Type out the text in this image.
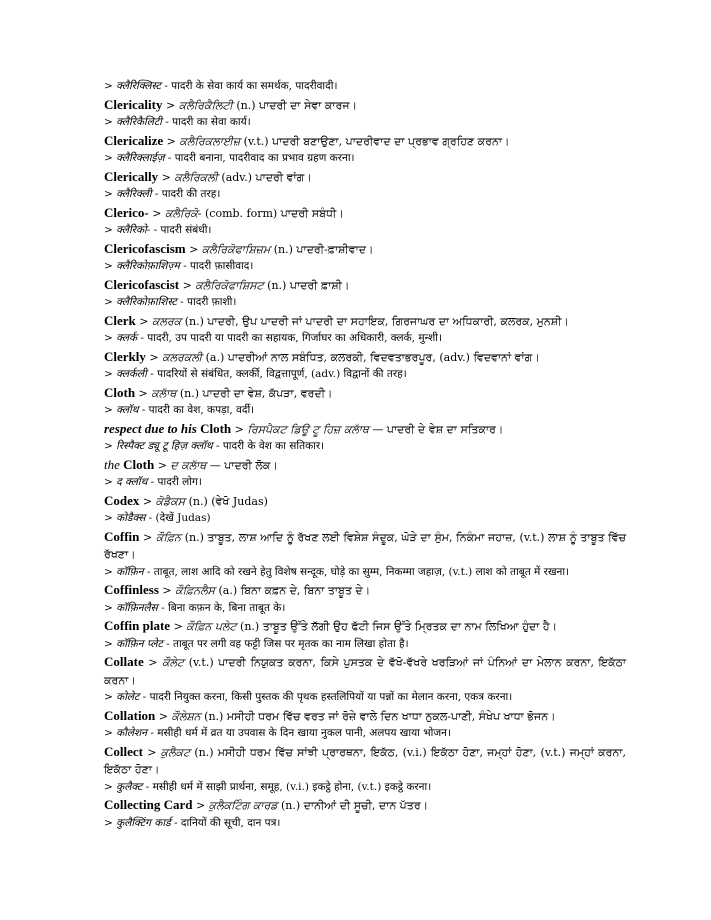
> क्लैरिक्लिस्ट - पादरी के सेवा कार्य का समर्थक, पादरीवादी।
Clericality > ਕਲੈਰਿਕੈਲਿਟੀ (n.) ਪਾਦਰੀ ਦਾ ਸੇਵਾ ਕਾਰਜ।
> क्लैरिकैलिटी - पादरी का सेवा कार्य।
Clericalize > ਕਲੈਰਿਕਲਾਈਜ਼ (v.t.) ਪਾਦਰੀ ਬਣਾਉਣਾ, ਪਾਦਰੀਵਾਦ ਦਾ ਪ੍ਰਭਾਵ ਗ੍ਰਹਿਣ ਕਰਨਾ।
> क्लैरिक्लाईज़ - पादरी बनाना, पादरीवाद का प्रभाव ग्रहण करना।
Clerically > ਕਲੈਰਿਕਲੀ (adv.) ਪਾਦਰੀ ਵਾਂਗ।
> क्लैरिक्ली - पादरी की तरह।
Clerico- > ਕਲੈਰਿਕੋ- (comb. form) ਪਾਦਰੀ ਸਬੰਧੀ।
> क्लैरिको- - पादरी संबंधी।
Clericofascism > ਕਲੈਰਿਕੋਫਾਸ਼ਿਜ਼ਮ (n.) ਪਾਦਰੀ-ਫ਼ਾਸ਼ੀਵਾਦ।
> क्लैरिकोफ़ाशिज़्म - पादरी फ़ासीवाद।
Clericofascist > ਕਲੈਰਿਕੋਫਾਸ਼ਿਸਟ (n.) ਪਾਦਰੀ ਫ਼ਾਸ਼ੀ।
> क्लैरिकोफ़ाशिस्ट - पादरी फ़ाशी।
Clerk > ਕਲਰਕ (n.) ਪਾਦਰੀ, ਉਪ ਪਾਦਰੀ ਜਾਂ ਪਾਦਰੀ ਦਾ ਸਹਾਇਕ, ਗਿਰਜਾਘਰ ਦਾ ਅਧਿਕਾਰੀ, ਕਲਰਕ, ਮੁਨਸ਼ੀ।
> क्लर्क - पादरी, उप पादरी या पादरी का सहायक, गिर्जाघर का अधिकारी, क्लर्क, मुन्शी।
Clerkly > ਕਲਰਕਲੀ (a.) ਪਾਦਰੀਆਂ ਨਾਲ ਸਬੰਧਿਤ, ਕਲਰਕੀ, ਵਿਦਵਤਾਭਰਪੂਰ, (adv.) ਵਿਦਵਾਨਾਂ ਵਾਂਗ।
> क्लर्कली - पादरियों से संबंधित, क्लर्की, विद्वत्तापूर्ण, (adv.) विद्वानों की तरह।
Cloth > ਕਲਾੱਥ (n.) ਪਾਦਰੀ ਦਾ ਵੇਸ਼, ਕੱਪੜਾ, ਵਰਦੀ।
> क्लॉथ - पादरी का वेश, कपड़ा, वर्दी।
respect due to his Cloth > ਰਿਸਪੈਕਟ ਡਿਊ ਟੂ ਹਿਜ਼ ਕਲਾੱਥ — ਪਾਦਰੀ ਦੇ ਵੇਸ਼ ਦਾ ਸਤਿਕਾਰ।
> रिस्पैक्ट ड्यू टू हिज़ क्लॉथ - पादरी के वेश का सतिकार।
the Cloth > ਦ ਕਲਾੱਥ — ਪਾਦਰੀ ਲੋਕ।
> द क्लॉथ - पादरी लोग।
Codex > ਕੋਡੈਕਸ (n.) (ਵੇਖੋ Judas)
> कोडैक्स - (देखें Judas)
Coffin > ਕੌਫ਼ਿਨ (n.) ਤਾਬੂਤ, ਲਾਸ਼ ਆਦਿ ਨੂੰ ਰੱਖਣ ਲਈ ਵਿਸ਼ੇਸ਼ ਸੰਦੂਕ, ਘੋੜੇ ਦਾ ਸੁੰਮ, ਨਿਕੰਮਾ ਜਹਾਜ਼, (v.t.) ਲਾਸ਼ ਨੂੰ ਤਾਬੂਤ ਵਿੱਚ ਰੱਖਣਾ।
> कॉफ़िन - ताबूत, लाश आदि को रखने हेतु विशेष सन्दूक, घोड़े का सुम्म, निकम्मा जहाज़, (v.t.) लाश को ताबूत में रखना।
Coffinless > ਕੌਫ਼ਿਨਲੈਸ (a.) ਬਿਨਾ ਕਫ਼ਨ ਦੇ, ਬਿਨਾ ਤਾਬੂਤ ਦੇ।
> कॉफ़िनलैस - बिना कफ़न के, बिना ताबूत के।
Coffin plate > ਕੌਫ਼ਿਨ ਪਲੇਟ (n.) ਤਾਬੂਤ ਉੱਤੇ ਲੱਗੀ ਉਹ ਫੱਟੀ ਜਿਸ ਉੱਤੇ ਮ੍ਰਿਤਕ ਦਾ ਨਾਮ ਲਿਖਿਆ ਹੁੰਦਾ ਹੈ।
> कॉफ़िन प्लेट - ताबूत पर लगी वह फट्टी जिस पर मृतक का नाम लिखा होता है।
Collate > ਕੌਲੇਟ (v.t.) ਪਾਦਰੀ ਨਿਯੁਕਤ ਕਰਨਾ, ਕਿਸੇ ਪੁਸਤਕ ਦੇ ਵੱਖੋ-ਵੱਖਰੇ ਖਰੜਿਆਂ ਜਾਂ ਪੰਨਿਆਂ ਦਾ ਮੇਲਾਨ ਕਰਨਾ, ਇਕੱਠਾ ਕਰਨਾ।
> कोलेट - पादरी नियुक्त करना, किसी पुस्तक की पृथक हस्तलिपियों या पन्नों का मेलान करना, एकत्र करना।
Collation > ਕੌਲੇਸ਼ਨ (n.) ਮਸੀਹੀ ਧਰਮ ਵਿੱਚ ਵਰਤ ਜਾਂ ਰੋਜ਼ੇ ਵਾਲੇ ਦਿਨ ਖਾਧਾ ਨੁਕਲ-ਪਾਣੀ, ਸੰਖੇਪ ਖਾਧਾ ਭੋਜਨ।
> कौलेशन - मसीही धर्म में व्रत या उपवास के दिन खाया नुकल पानी, अलपय खाया भोजन।
Collect > ਕੁਲੈਕਟ (n.) ਮਸੀਹੀ ਧਰਮ ਵਿੱਚ ਸਾਂਝੀ ਪ੍ਰਾਰਥਨਾ, ਇਕੱਠ, (v.i.) ਇਕੱਠਾ ਹੋਣਾ, ਜਮ੍ਹਾਂ ਹੋਣਾ, (v.t.) ਜਮ੍ਹਾਂ ਕਰਨਾ, ਇਕੱਠਾ ਹੋਣਾ।
> कुलैक्ट - मसीही धर्म में साझी प्रार्थना, समूह, (v.i.) इकट्ठे होना, (v.t.) इकट्ठे करना।
Collecting Card > ਕੁਲੈਕਟਿੰਗ ਕਾਰਡ (n.) ਦਾਨੀਆਂ ਦੀ ਸੂਚੀ, ਦਾਨ ਪੱਤਰ।
> कुलैक्टिंग कार्ड - दानियों की सूची, दान पत्र।
